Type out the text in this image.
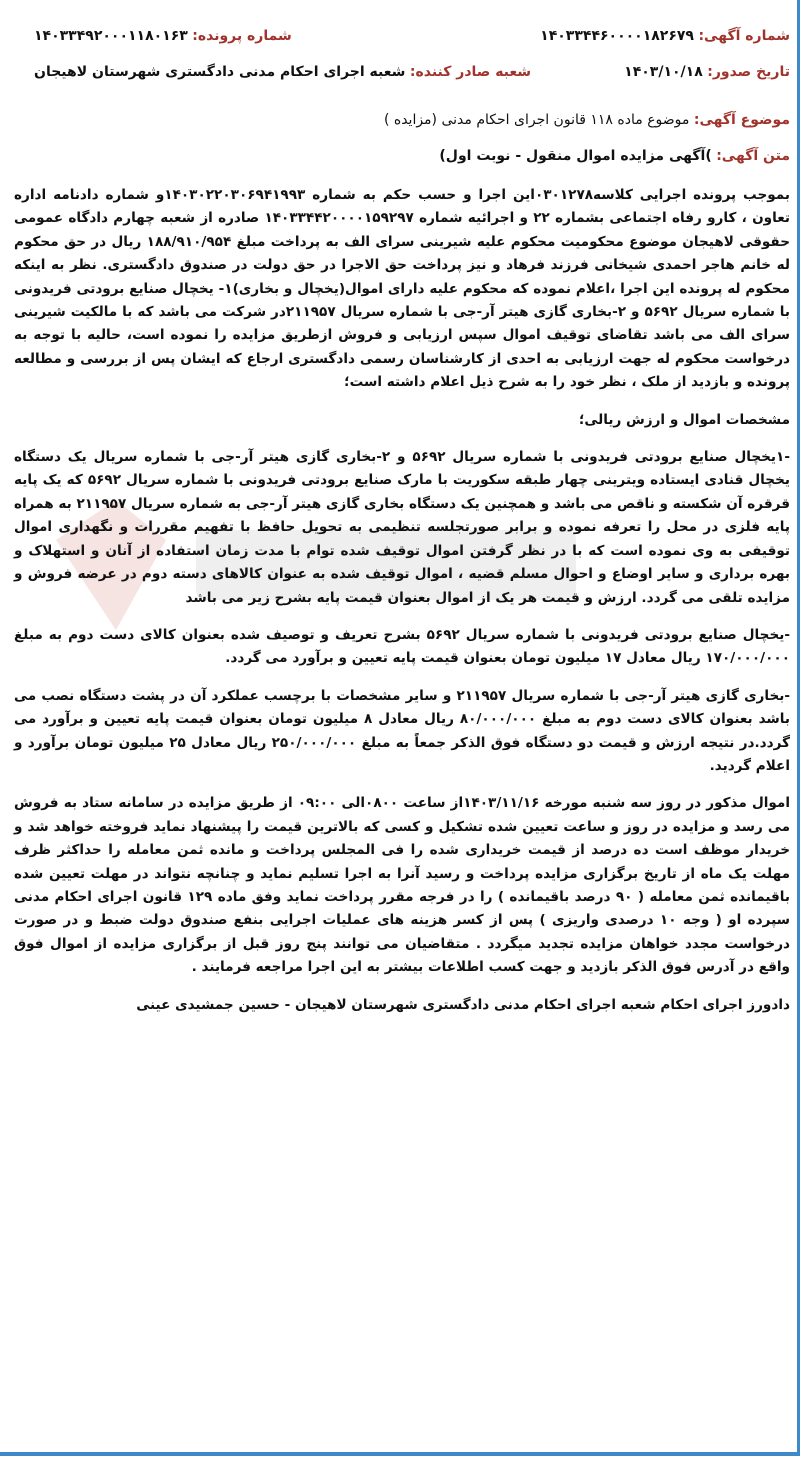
شماره آگهی: ۱۴۰۳۳۴۴۶۰۰۰۰۱۸۲۶۷۹
شماره پرونده: ۱۴۰۳۳۴۹۲۰۰۰۱۱۸۰۱۶۳
تاریخ صدور: ۱۴۰۳/۱۰/۱۸
شعبه صادر کننده: شعبه اجرای احکام مدنی دادگستری شهرستان لاهیجان
موضوع آگهی: موضوع ماده ۱۱۸ قانون اجرای احکام مدنی (مزایده )
متن آگهی: )آگهی مزایده اموال منقول - نوبت اول)

بموجب پرونده اجرایی کلاسه۰۳۰۱۲۷۸این اجرا و حسب حکم به شماره ۱۴۰۳۰۲۲۰۳۰۶۹۴۱۹۹۳و شماره دادنامه اداره تعاون ، کارو رفاه اجتماعی بشماره ۲۲ و اجرائیه شماره ۱۴۰۳۳۴۴۲۰۰۰۰۱۵۹۲۹۷ صادره از شعبه چهارم دادگاه عمومی حقوقی لاهیجان موضوع محکومیت محکوم علیه شیرینی سرای الف به پرداخت مبلغ ۱۸۸/۹۱۰/۹۵۴ ریال در حق محکوم له خانم هاجر احمدی شیخانی فرزند فرهاد و نیز پرداخت حق الاجرا در حق دولت در صندوق دادگستری. نظر به اینکه محکوم له پرونده این اجرا ،اعلام نموده که محکوم علیه دارای اموال(یخچال و بخاری)۱- یخچال صنایع برودتی فریدونی با شماره سریال ۵۶۹۲ و ۲-بخاری گازی هیتر آر-جی با شماره سریال ۲۱۱۹۵۷در شرکت می باشد که با مالکیت شیرینی سرای الف می باشد تقاضای توقیف اموال سپس ارزیابی و فروش ازطریق مزایده را نموده است، حالیه با توجه به درخواست محکوم له جهت ارزیابی به احدی از کارشناسان رسمی دادگستری ارجاع که ایشان پس از بررسی و مطالعه پرونده و بازدید از ملک ، نظر خود را به شرح ذیل اعلام داشته است؛

مشخصات اموال و ارزش ریالی؛

-۱یخچال صنایع برودتی فریدونی با شماره سریال ۵۶۹۲ و ۲-بخاری گازی هیتر آر-جی با شماره سریال یک دستگاه یخچال قنادی ایستاده ویترینی چهار طبقه سکوریت با مارک صنایع برودتی فریدونی با شماره سریال ۵۶۹۲ که یک پایه قرقره آن شکسته و ناقص می باشد و همچنین یک دستگاه بخاری گازی هیتر آر-جی به شماره سریال ۲۱۱۹۵۷ به همراه پایه فلزی در محل را تعرفه نموده و برابر صورتجلسه تنظیمی به تحویل حافظ با تفهیم مقررات و نگهداری اموال توقیفی به وی نموده است که با در نظر گرفتن اموال توقیف شده توام با مدت زمان استفاده از آنان و استهلاک و بهره برداری و سایر اوضاع و احوال مسلم قضیه ، اموال توقیف شده به عنوان کالاهای دسته دوم در عرضه فروش و مزایده تلقی می گردد. ارزش و قیمت هر یک از اموال بعنوان قیمت پایه بشرح زیر می باشد

-یخچال صنایع برودتی فریدونی با شماره سریال ۵۶۹۲ بشرح تعریف و توصیف شده بعنوان کالای دست دوم به مبلغ ۱۷۰/۰۰۰/۰۰۰ ریال معادل ۱۷ میلیون تومان بعنوان قیمت پایه تعیین و برآورد می گردد.

-بخاری گازی هیتر آر-جی با شماره سریال ۲۱۱۹۵۷ و سایر مشخصات با برچسب عملکرد آن در پشت دستگاه نصب می باشد بعنوان کالای دست دوم به مبلغ ۸۰/۰۰۰/۰۰۰ ریال معادل ۸ میلیون تومان بعنوان قیمت پایه تعیین و برآورد می گردد.در نتیجه ارزش و قیمت دو دستگاه فوق الذکر جمعاً به مبلغ ۲۵۰/۰۰۰/۰۰۰ ریال معادل ۲۵ میلیون تومان برآورد و اعلام گردید.

اموال مذکور در روز سه شنبه مورخه ۱۴۰۳/۱۱/۱۶از ساعت ۰۸۰۰الی ۰۹:۰۰ از طریق مزایده در سامانه ستاد به فروش می رسد و مزایده در روز و ساعت تعیین شده تشکیل و کسی که بالاترین قیمت را پیشنهاد نماید فروخته خواهد شد و خریدار موظف است ده درصد از قیمت خریداری شده را فی المجلس پرداخت و مانده ثمن معامله را حداکثر ظرف مهلت یک ماه از تاریخ برگزاری مزایده پرداخت و رسید آنرا به اجرا تسلیم نماید و چنانچه نتواند در مهلت تعیین شده باقیمانده ثمن معامله ( ۹۰ درصد باقیمانده ) را در فرجه مقرر پرداخت نماید وفق ماده ۱۲۹ قانون اجرای احکام مدنی سپرده او ( وجه ۱۰ درصدی واریزی ) پس از کسر هزینه های عملیات اجرایی بنفع صندوق دولت ضبط و در صورت درخواست مجدد خواهان مزایده تجدید میگردد . متقاضیان می توانند پنج روز قبل از برگزاری مزایده از اموال فوق واقع در آدرس فوق الذکر بازدید و جهت کسب اطلاعات بیشتر به این اجرا مراجعه فرمایند .

دادورز اجرای احکام شعبه اجرای احکام مدنی دادگستری شهرستان لاهیجان - حسین جمشیدی عینی
